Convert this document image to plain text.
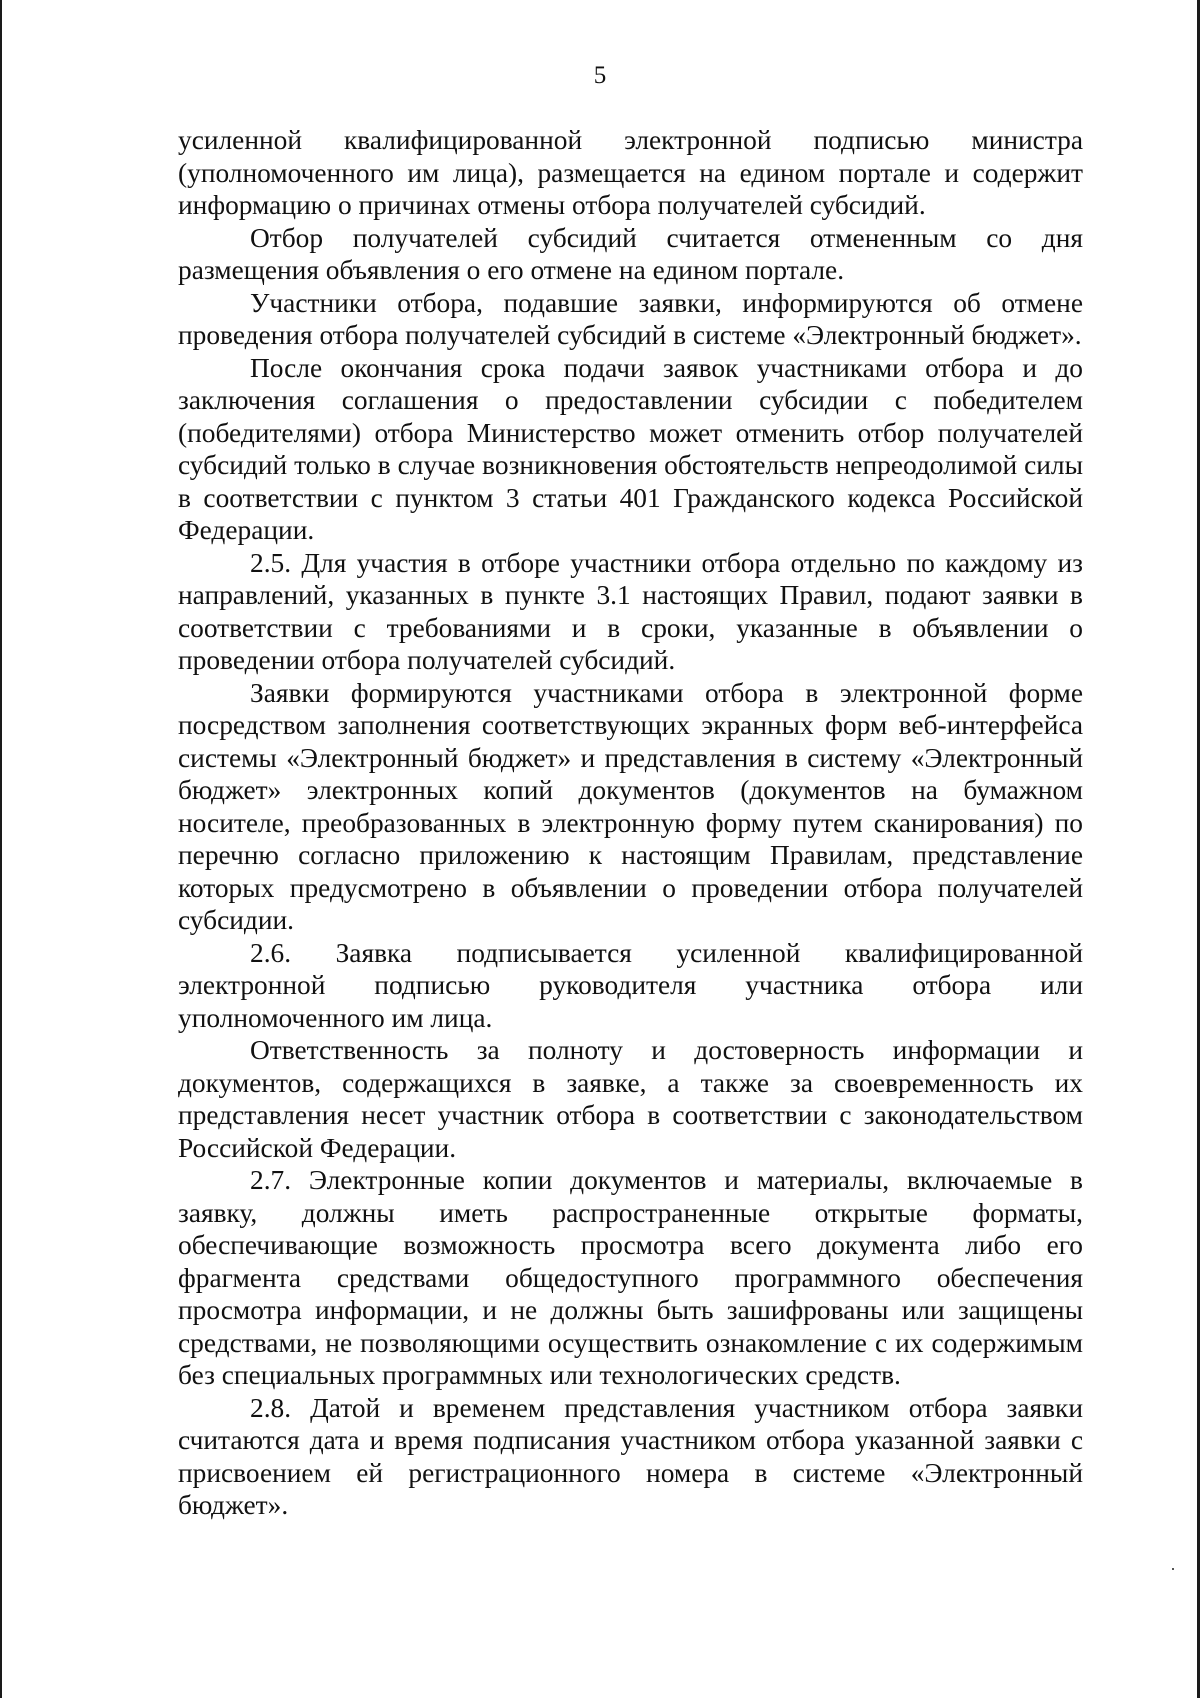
5

усиленной квалифицированной электронной подписью министра (уполномоченного им лица), размещается на едином портале и содержит информацию о причинах отмены отбора получателей субсидий.

Отбор получателей субсидий считается отмененным со дня размещения объявления о его отмене на едином портале.

Участники отбора, подавшие заявки, информируются об отмене проведения отбора получателей субсидий в системе «Электронный бюджет».

После окончания срока подачи заявок участниками отбора и до заключения соглашения о предоставлении субсидии с победителем (победителями) отбора Министерство может отменить отбор получателей субсидий только в случае возникновения обстоятельств непреодолимой силы в соответствии с пунктом 3 статьи 401 Гражданского кодекса Российской Федерации.

2.5. Для участия в отборе участники отбора отдельно по каждому из направлений, указанных в пункте 3.1 настоящих Правил, подают заявки в соответствии с требованиями и в сроки, указанные в объявлении о проведении отбора получателей субсидий.

Заявки формируются участниками отбора в электронной форме посредством заполнения соответствующих экранных форм веб-интерфейса системы «Электронный бюджет» и представления в систему «Электронный бюджет» электронных копий документов (документов на бумажном носителе, преобразованных в электронную форму путем сканирования) по перечню согласно приложению к настоящим Правилам, представление которых предусмотрено в объявлении о проведении отбора получателей субсидии.

2.6. Заявка подписывается усиленной квалифицированной электронной подписью руководителя участника отбора или уполномоченного им лица.

Ответственность за полноту и достоверность информации и документов, содержащихся в заявке, а также за своевременность их представления несет участник отбора в соответствии с законодательством Российской Федерации.

2.7. Электронные копии документов и материалы, включаемые в заявку, должны иметь распространенные открытые форматы, обеспечивающие возможность просмотра всего документа либо его фрагмента средствами общедоступного программного обеспечения просмотра информации, и не должны быть зашифрованы или защищены средствами, не позволяющими осуществить ознакомление с их содержимым без специальных программных или технологических средств.

2.8. Датой и временем представления участником отбора заявки считаются дата и время подписания участником отбора указанной заявки с присвоением ей регистрационного номера в системе «Электронный бюджет».
